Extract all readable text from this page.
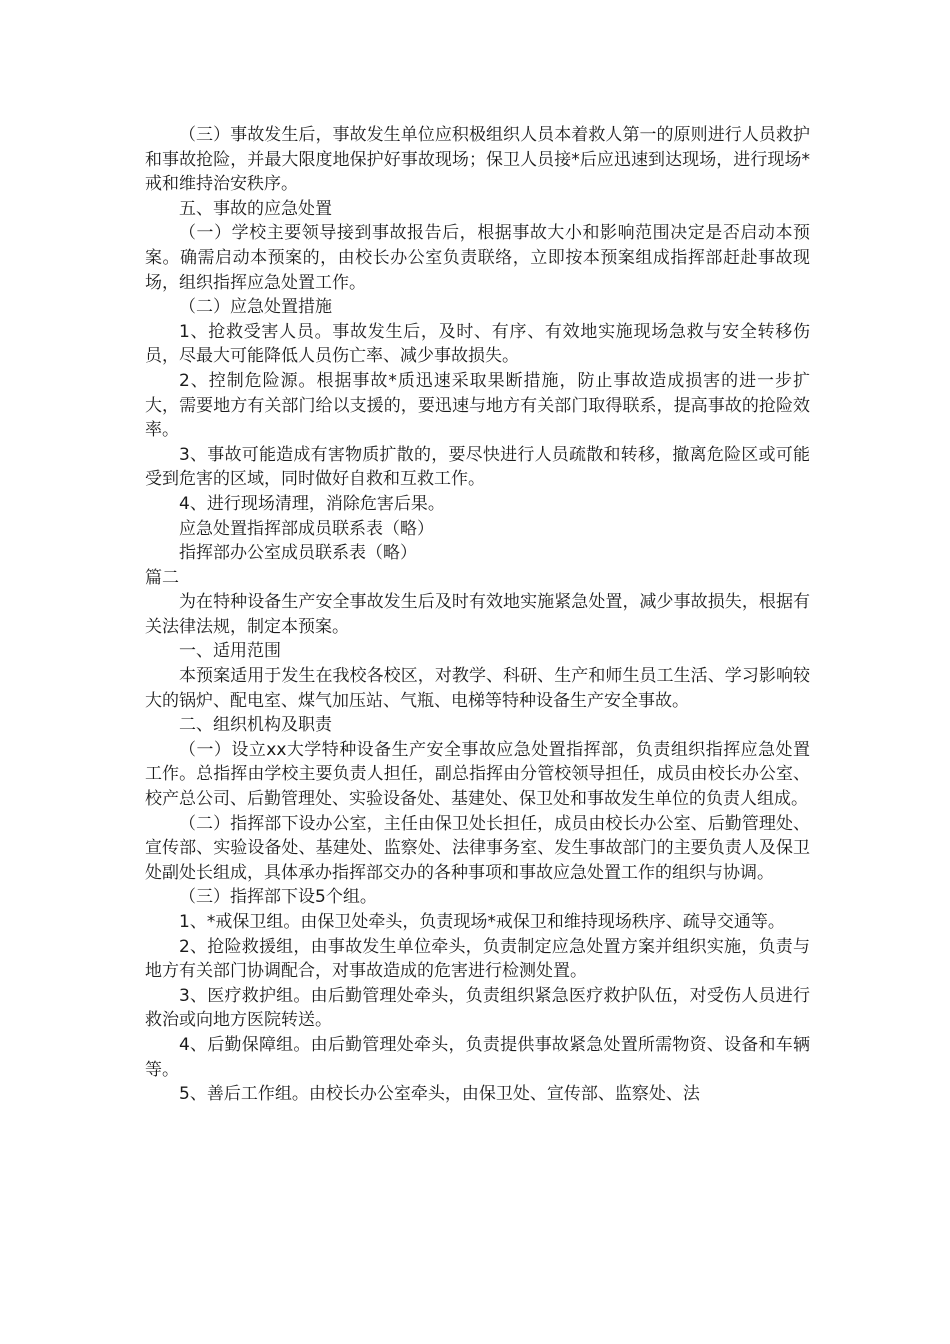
（三）事故发生后，事故发生单位应积极组织人员本着救人第一的原则进行人员救护和事故抢险，并最大限度地保护好事故现场；保卫人员接*后应迅速到达现场，进行现场*戒和维持治安秩序。

五、事故的应急处置

（一）学校主要领导接到事故报告后，根据事故大小和影响范围决定是否启动本预案。确需启动本预案的，由校长办公室负责联络，立即按本预案组成指挥部赶赴事故现场，组织指挥应急处置工作。

（二）应急处置措施

1、抢救受害人员。事故发生后，及时、有序、有效地实施现场急救与安全转移伤员，尽最大可能降低人员伤亡率、减少事故损失。

2、控制危险源。根据事故*质迅速采取果断措施，防止事故造成损害的进一步扩大，需要地方有关部门给以支援的，要迅速与地方有关部门取得联系，提高事故的抢险效率。

3、事故可能造成有害物质扩散的，要尽快进行人员疏散和转移，撤离危险区或可能受到危害的区域，同时做好自救和互救工作。

4、进行现场清理，消除危害后果。

应急处置指挥部成员联系表（略）

指挥部办公室成员联系表（略）

篇二

为在特种设备生产安全事故发生后及时有效地实施紧急处置，减少事故损失，根据有关法律法规，制定本预案。

一、适用范围

本预案适用于发生在我校各校区，对教学、科研、生产和师生员工生活、学习影响较大的锅炉、配电室、煤气加压站、气瓶、电梯等特种设备生产安全事故。

二、组织机构及职责

（一）设立xx大学特种设备生产安全事故应急处置指挥部，负责组织指挥应急处置工作。总指挥由学校主要负责人担任，副总指挥由分管校领导担任，成员由校长办公室、校产总公司、后勤管理处、实验设备处、基建处、保卫处和事故发生单位的负责人组成。

（二）指挥部下设办公室，主任由保卫处长担任，成员由校长办公室、后勤管理处、宣传部、实验设备处、基建处、监察处、法律事务室、发生事故部门的主要负责人及保卫处副处长组成，具体承办指挥部交办的各种事项和事故应急处置工作的组织与协调。

（三）指挥部下设5个组。

1、*戒保卫组。由保卫处牵头，负责现场*戒保卫和维持现场秩序、疏导交通等。

2、抢险救援组，由事故发生单位牵头，负责制定应急处置方案并组织实施，负责与地方有关部门协调配合，对事故造成的危害进行检测处置。

3、医疗救护组。由后勤管理处牵头，负责组织紧急医疗救护队伍，对受伤人员进行救治或向地方医院转送。

4、后勤保障组。由后勤管理处牵头，负责提供事故紧急处置所需物资、设备和车辆等。

5、善后工作组。由校长办公室牵头，由保卫处、宣传部、监察处、法
